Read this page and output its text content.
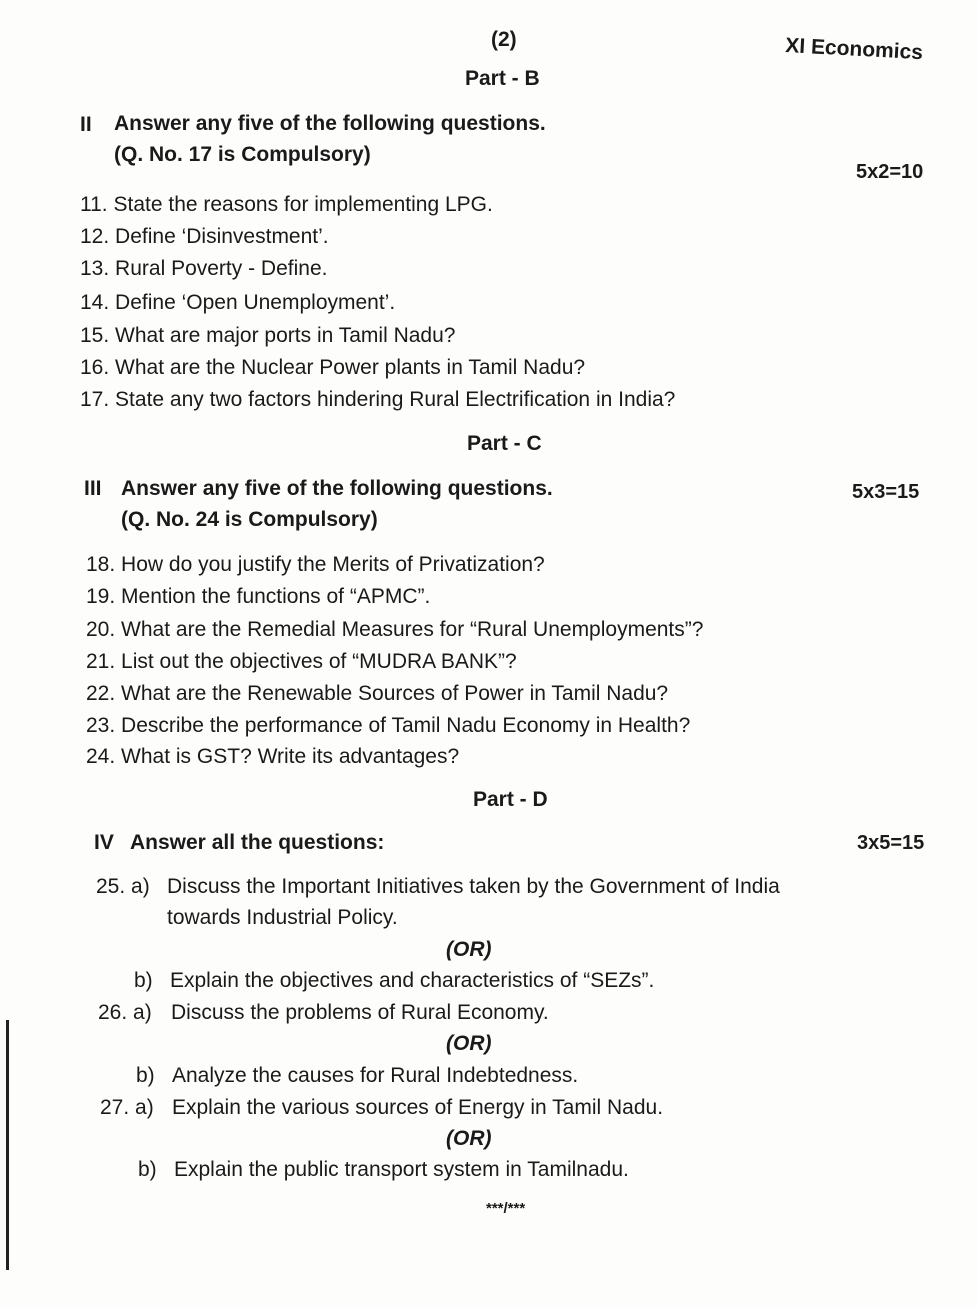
(2)	XI Economics
Part - B
II Answer any five of the following questions.
(Q. No. 17 is Compulsory)
5x2=10
11. State the reasons for implementing LPG.
12. Define ‘Disinvestment’.
13. Rural Poverty - Define.
14. Define ‘Open Unemployment’.
15. What are major ports in Tamil Nadu?
16. What are the Nuclear Power plants in Tamil Nadu?
17. State any two factors hindering Rural Electrification in India?
Part - C
III Answer any five of the following questions.
(Q. No. 24 is Compulsory)
5x3=15
18. How do you justify the Merits of Privatization?
19. Mention the functions of “APMC”.
20. What are the Remedial Measures for “Rural Unemployments”?
21. List out the objectives of “MUDRA BANK”?
22. What are the Renewable Sources of Power in Tamil Nadu?
23. Describe the performance of Tamil Nadu Economy in Health?
24. What is GST? Write its advantages?
Part - D
IV Answer all the questions:	3x5=15
25. a) Discuss the Important Initiatives taken by the Government of India
towards Industrial Policy.
(OR)
b) Explain the objectives and characteristics of “SEZs”.
26. a) Discuss the problems of Rural Economy.
(OR)
b) Analyze the causes for Rural Indebtedness.
27. a) Explain the various sources of Energy in Tamil Nadu.
(OR)
b) Explain the public transport system in Tamilnadu.
***/***
